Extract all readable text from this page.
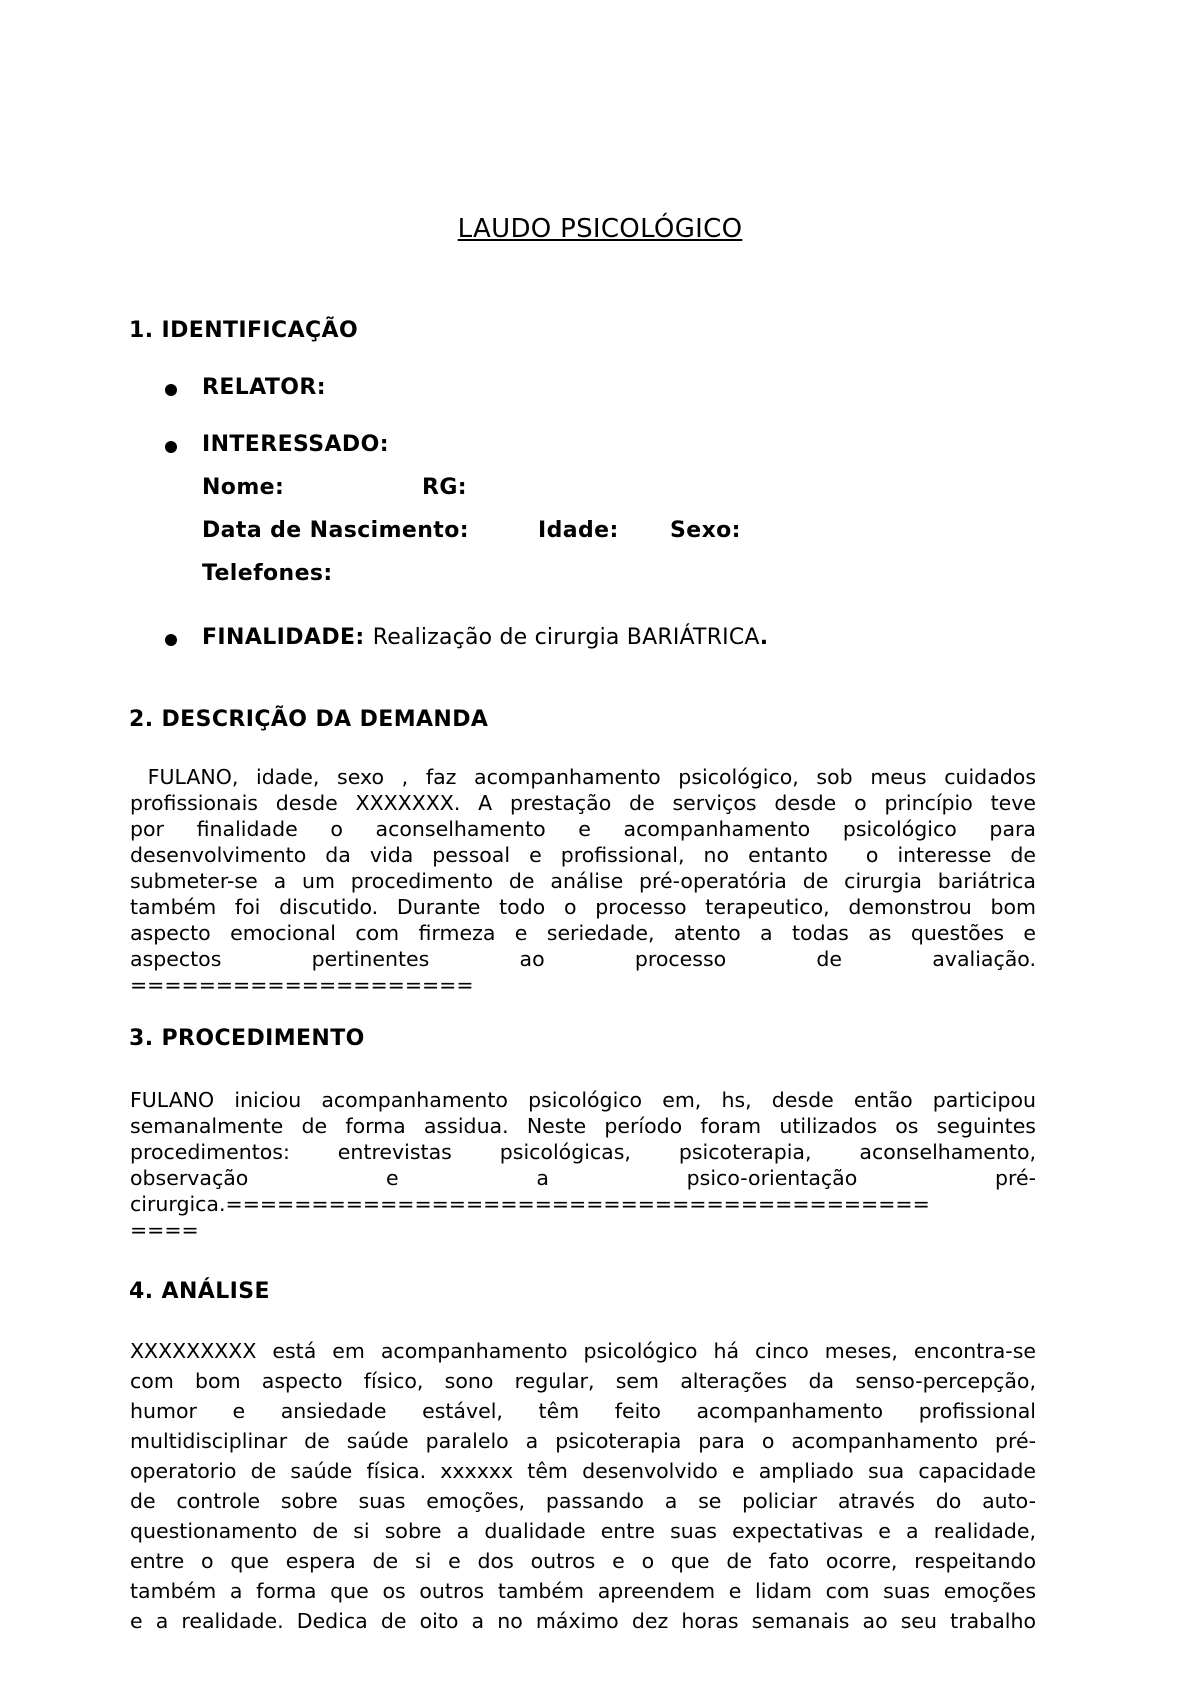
LAUDO PSICOLÓGICO
1. IDENTIFICAÇÃO
RELATOR:
INTERESSADO:
Nome:	RG:
Data de Nascimento:	Idade: Sexo:
Telefones:
FINALIDADE: Realização de cirurgia BARIÁTRICA.
2. DESCRIÇÃO DA DEMANDA
FULANO, idade, sexo , faz acompanhamento psicológico, sob meus cuidados
profissionais desde XXXXXXX. A prestação de serviços desde o princípio teve
por finalidade o aconselhamento e acompanhamento psicológico para
desenvolvimento da vida pessoal e profissional, no entanto  o interesse de
submeter-se a um procedimento de análise pré-operatória de cirurgia bariátrica
também foi discutido. Durante todo o processo terapeutico, demonstrou bom
aspecto emocional com firmeza e seriedade, atento a todas as questões e
aspectos pertinentes ao processo de avaliação.
====================
3. PROCEDIMENTO
FULANO iniciou acompanhamento psicológico em, hs, desde então participou
semanalmente de forma assidua. Neste período foram utilizados os seguintes
procedimentos: entrevistas psicológicas, psicoterapia, aconselhamento,
observação e a psico-orientação pré-
cirurgica.=========================================
====
4. ANÁLISE
XXXXXXXXX está em acompanhamento psicológico há cinco meses, encontra-se
com bom aspecto físico, sono regular, sem alterações da senso-percepção,
humor e ansiedade estável, têm feito acompanhamento profissional
multidisciplinar de saúde paralelo a psicoterapia para o acompanhamento pré-
operatorio de saúde física. xxxxxx têm desenvolvido e ampliado sua capacidade
de controle sobre suas emoções, passando a se policiar através do auto-
questionamento de si sobre a dualidade entre suas expectativas e a realidade,
entre o que espera de si e dos outros e o que de fato ocorre, respeitando
também a forma que os outros também apreendem e lidam com suas emoções
e a realidade. Dedica de oito a no máximo dez horas semanais ao seu trabalho
